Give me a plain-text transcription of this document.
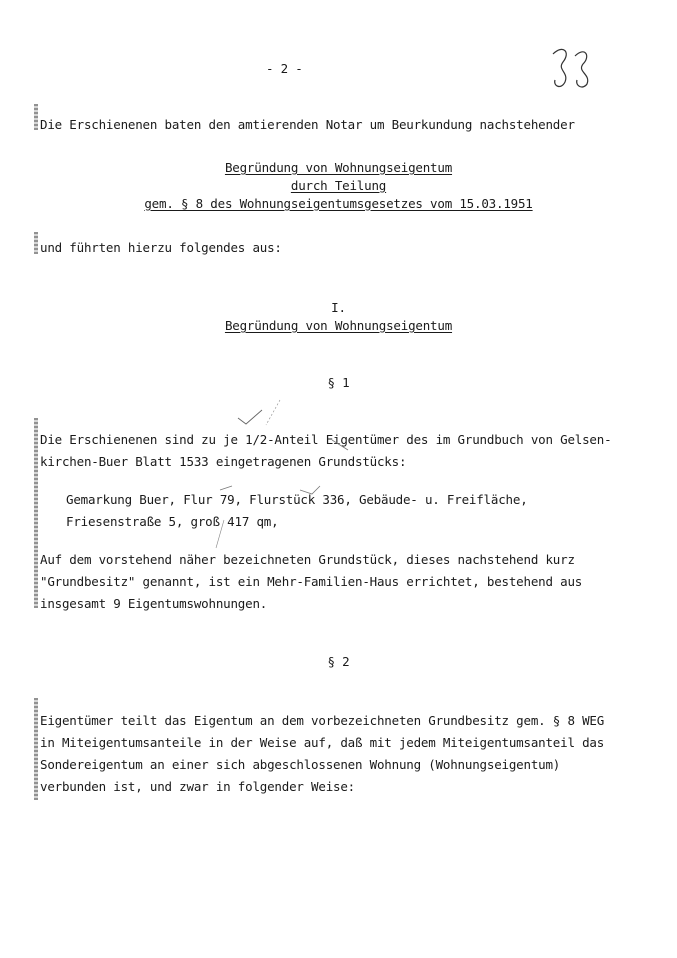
- 2 -
Die Erschienenen baten den amtierenden Notar um Beurkundung nachstehender
Begründung von Wohnungseigentum
durch Teilung
gem. § 8 des Wohnungseigentumsgesetzes vom 15.03.1951
und führten hierzu folgendes aus:
I.
Begründung von Wohnungseigentum
§ 1
Die Erschienenen sind zu je 1/2-Anteil Eigentümer des im Grundbuch von Gelsen-
kirchen-Buer Blatt 1533 eingetragenen Grundstücks:
Gemarkung Buer, Flur 79, Flurstück 336, Gebäude- u. Freifläche,
Friesenstraße 5, groß 417 qm,
Auf dem vorstehend näher bezeichneten Grundstück, dieses nachstehend kurz
"Grundbesitz" genannt, ist ein Mehr-Familien-Haus errichtet, bestehend aus
insgesamt 9 Eigentumswohnungen.
§ 2
Eigentümer teilt das Eigentum an dem vorbezeichneten Grundbesitz gem. § 8 WEG
in Miteigentumsanteile in der Weise auf, daß mit jedem Miteigentumsanteil das
Sondereigentum an einer sich abgeschlossenen Wohnung (Wohnungseigentum)
verbunden ist, und zwar in folgender Weise:
